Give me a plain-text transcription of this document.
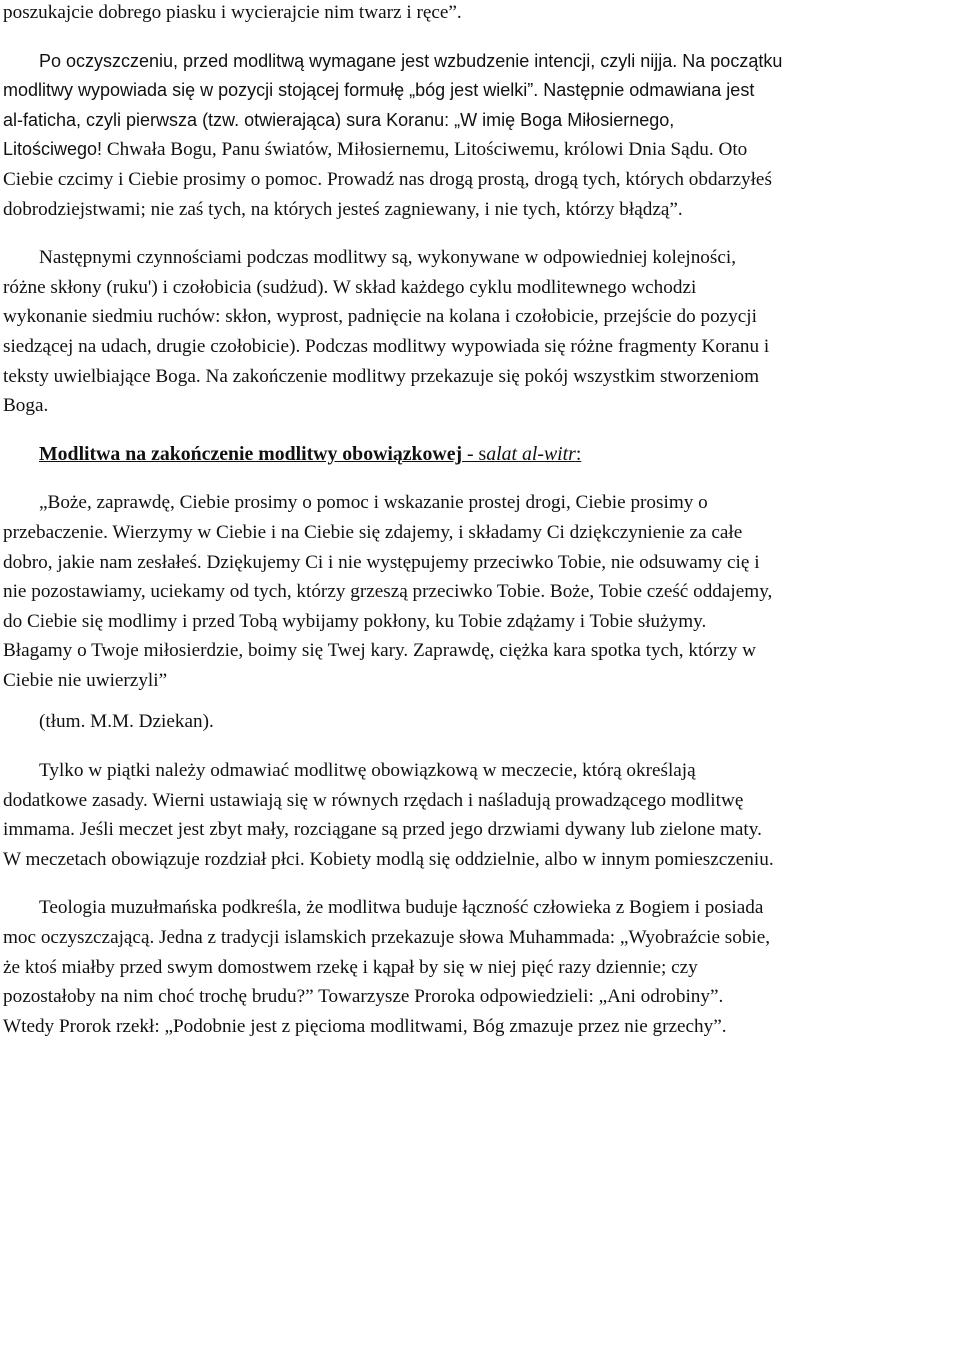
poszukajcie dobrego piasku i wycierajcie nim twarz i ręce”.
Po oczyszczeniu, przed modlitwą wymagane jest wzbudzenie intencji, czyli nijja. Na początku
modlitwy wypowiada się w pozycji stojącej formułę „bóg jest wielki”. Następnie odmawiana jest
al-faticha, czyli pierwsza (tzw. otwierająca) sura Koranu: „W imię Boga Miłosiernego,
Litościwego! Chwała Bogu, Panu światów, Miłosiernemu, Litościwemu, królowi Dnia Sądu. Oto
Ciebie czcimy i Ciebie prosimy o pomoc. Prowadź nas drogą prostą, drogą tych, których obdarzyłeś
dobrodziejstwami; nie zaś tych, na których jesteś zagniewany, i nie tych, którzy błądzą”.
Następnymi czynnościami podczas modlitwy są, wykonywane w odpowiedniej kolejności,
różne skłony (ruku') i czołobicia (sudżud). W skład każdego cyklu modlitewnego wchodzi
wykonanie siedmiu ruchów: skłon, wyprost, padnięcie na kolana i czołobicie, przejście do pozycji
siedzącej na udach, drugie czołobicie). Podczas modlitwy wypowiada się różne fragmenty Koranu i
teksty uwielbiające Boga. Na zakończenie modlitwy przekazuje się pokój wszystkim stworzeniom
Boga.
Modlitwa na zakończenie modlitwy obowiązkowej - salat al-witr:
„Boże, zaprawdę, Ciebie prosimy o pomoc i wskazanie prostej drogi, Ciebie prosimy o
przebaczenie. Wierzymy w Ciebie i na Ciebie się zdajemy, i składamy Ci dziękczynienie za całe
dobro, jakie nam zesłałeś. Dziękujemy Ci i nie występujemy przeciwko Tobie, nie odsuwamy cię i
nie pozostawiamy, uciekamy od tych, którzy grzeszą przeciwko Tobie. Boże, Tobie cześć oddajemy,
do Ciebie się modlimy i przed Tobą wybijamy pokłony, ku Tobie zdążamy i Tobie służymy.
Błagamy o Twoje miłosierdzie, boimy się Twej kary. Zaprawdę, ciężka kara spotka tych, którzy w
Ciebie nie uwierzyli”
(tłum. M.M. Dziekan).
Tylko w piątki należy odmawiać modlitwę obowiązkową w meczecie, którą określają
dodatkowe zasady. Wierni ustawiają się w równych rzędach i naśladują prowadzącego modlitwę
immama. Jeśli meczet jest zbyt mały, rozciągane są przed jego drzwiami dywany lub zielone maty.
W meczetach obowiązuje rozdział płci. Kobiety modlą się oddzielnie, albo w innym pomieszczeniu.
Teologia muzułmańska podkreśla, że modlitwa buduje łączność człowieka z Bogiem i posiada
moc oczyszczającą. Jedna z tradycji islamskich przekazuje słowa Muhammada: „Wyobraźcie sobie,
że ktoś miałby przed swym domostwem rzekę i kąpał by się w niej pięć razy dziennie; czy
pozostałoby na nim choć trochę brudu?” Towarzysze Proroka odpowiedzieli: „Ani odrobiny”.
Wtedy Prorok rzekł: „Podobnie jest z pięcioma modlitwami, Bóg zmazuje przez nie grzechy”.
